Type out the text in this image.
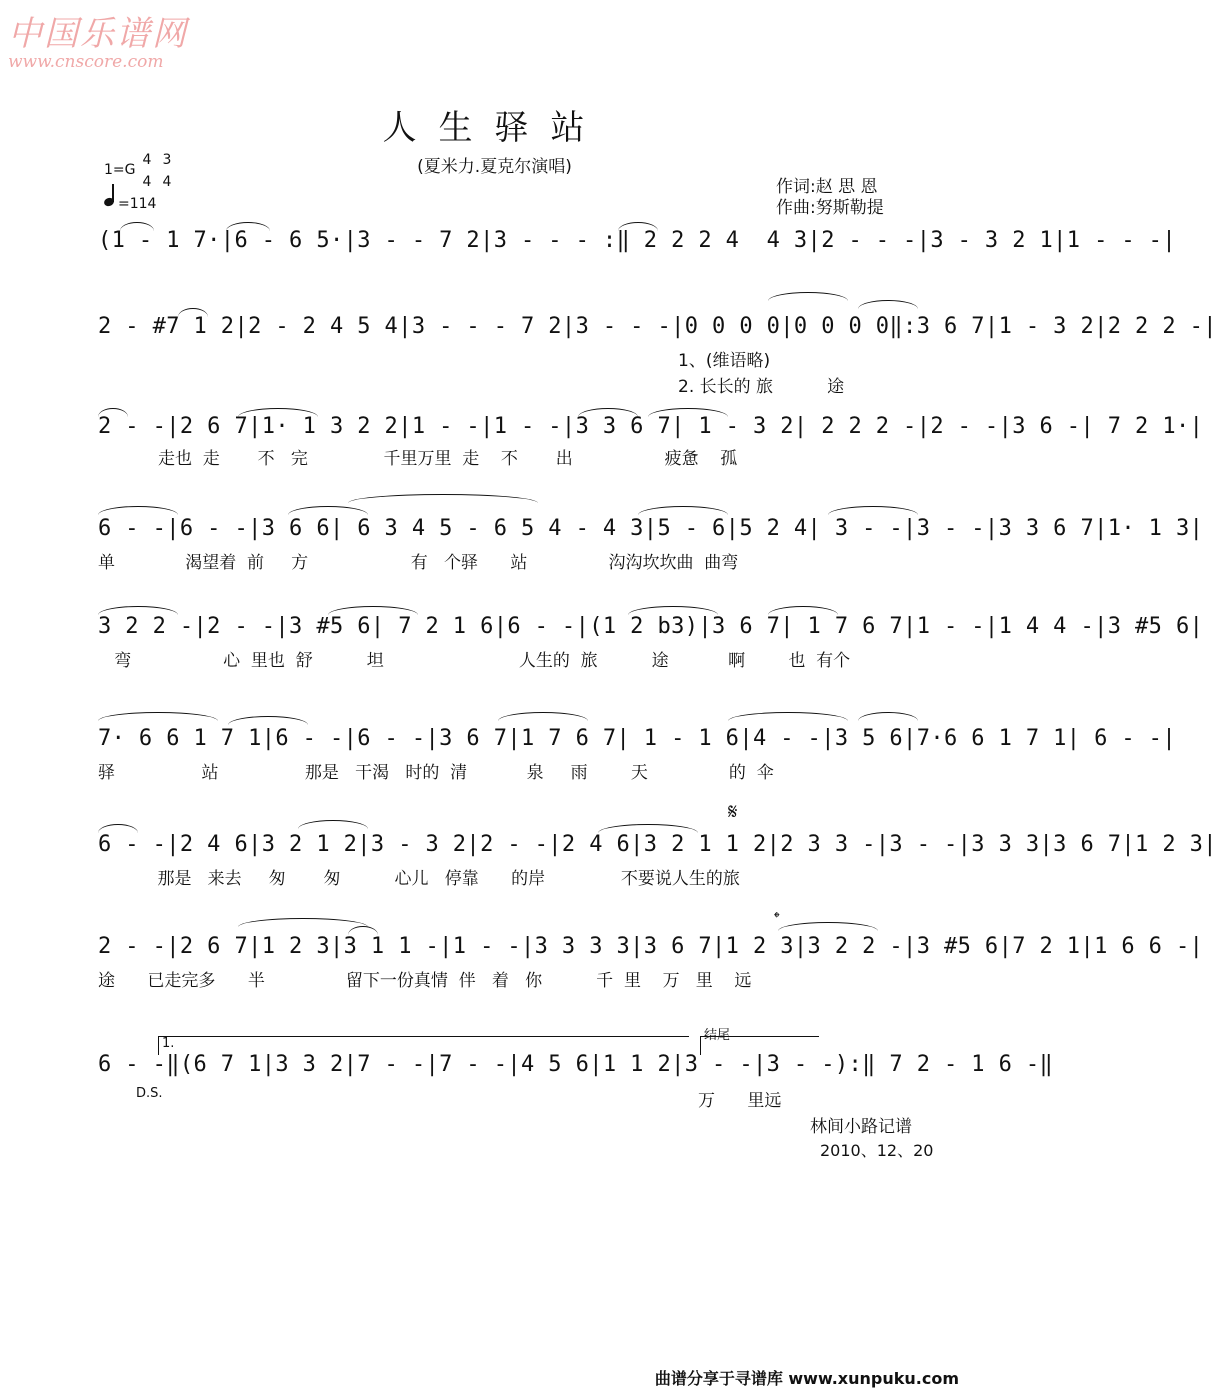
中国乐谱网
www.cnscore.com
人生驿站
(夏米力.夏克尔演唱)
作词:赵 思 恩
作曲:努斯勒提
1=G
4
4
3
4
=114
(1 - 1 7·|6 - 6 5·|3 - - 7 2|3 - - - :‖ 2 2 2 4  4 3|2 - - -|3 - 3 2 1|1 - - -|
2 - #7 1 2|2 - 2 4 5 4|3 - - - 7 2|3 - - -|0 0 0 0|0 0 0 0‖:3 6 7|1 - 3 2|2 2 2 -|
1、(维语略)
2. 长长的 旅          途
2 - -|2 6 7|1· 1 3 2 2|1 - -|1 - -|3 3 6 7| 1 - 3 2| 2 2 2 -|2 - -|3 6 -| 7 2 1·|
走也  走       不   完              千里万里  走    不       出                 疲惫    孤
6 - -|6 - -|3 6 6| 6 3 4 5 - 6 5 4 - 4 3|5 - 6|5 2 4| 3 - -|3 - -|3 3 6 7|1· 1 3|
单             渴望着  前     方                   有   个驿      站               沟沟坎坎曲  曲弯
3 2 2 -|2 - -|3 #5 6| 7 2 1 6|6 - -|(1 2 b3)|3 6 7| 1 7 6 7|1 - -|1 4 4 -|3 #5 6|
弯                 心  里也  舒          坦                         人生的  旅          途           啊        也  有个
7· 6 6 1 7 1|6 - -|6 - -|3 6 7|1 7 6 7| 1 - 1 6|4 - -|3 5 6|7·6 6 1 7 1| 6 - -|
驿                站                那是   干渴   时的  清           泉     雨        天               的  伞
6 - -|2 4 6|3 2 1 2|3 - 3 2|2 - -|2 4 6|3 2 1 1 2|2 3 3 -|3 - -|3 3 3|3 6 7|1 2 3|
那是   来去     匆       匆          心儿   停靠      的岸              不要说人生的旅
𝄋
2 - -|2 6 7|1 2 3|3 1 1 -|1 - -|3 3 3 3|3 6 7|1 2 3|3 2 2 -|3 #5 6|7 2 1|1 6 6 -|
途      已走完多      半               留下一份真情  伴   着   你          千  里    万   里    远
𝄌
6 - -‖(6 7 1|3 3 2|7 - -|7 - -|4 5 6|1 1 2|3 - -|3 - -):‖ 7 2 - 1 6 -‖
1.
结尾
D.S.	万      里远
林间小路记谱
2010、12、20
曲谱分享于寻谱库 www.xunpuku.com
